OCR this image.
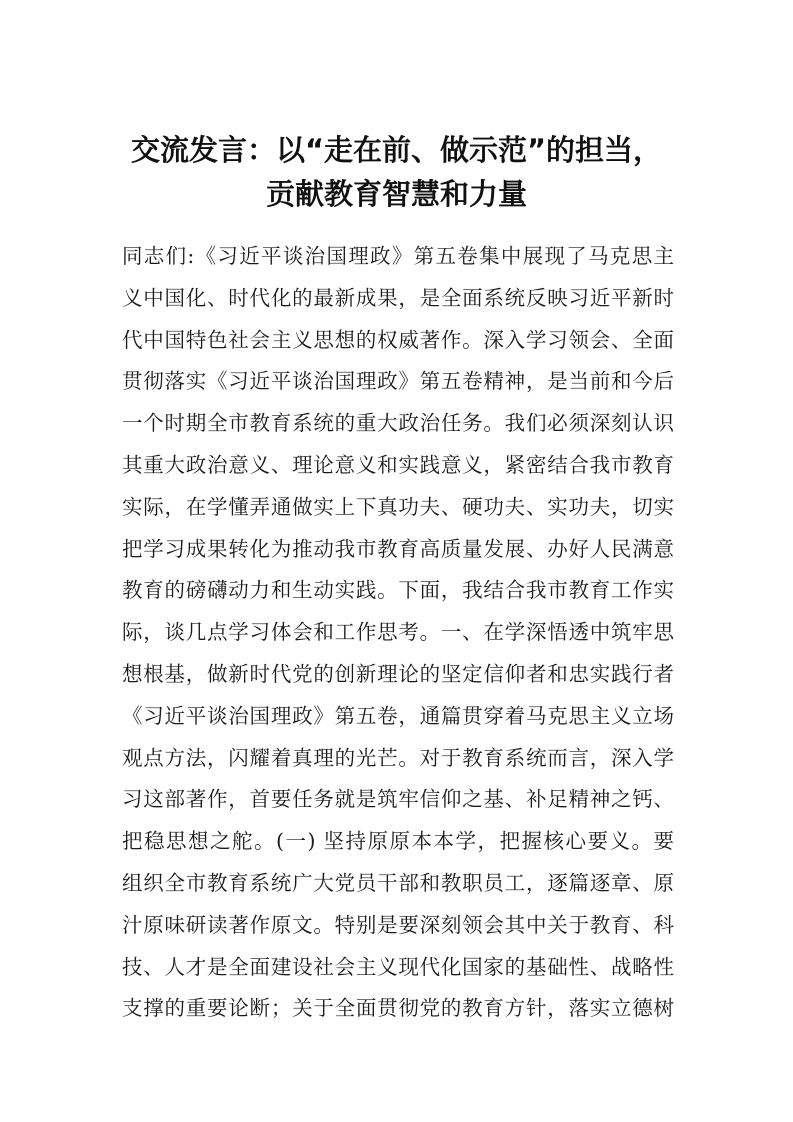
交流发言：以“走在前、做示范”的担当，
贡献教育智慧和力量
同志们:《习近平谈治国理政》第五卷集中展现了马克思主
义中国化、时代化的最新成果，是全面系统反映习近平新时
代中国特色社会主义思想的权威著作。深入学习领会、全面
贯彻落实《习近平谈治国理政》第五卷精神，是当前和今后
一个时期全市教育系统的重大政治任务。我们必须深刻认识
其重大政治意义、理论意义和实践意义，紧密结合我市教育
实际，在学懂弄通做实上下真功夫、硬功夫、实功夫，切实
把学习成果转化为推动我市教育高质量发展、办好人民满意
教育的磅礴动力和生动实践。下面，我结合我市教育工作实
际，谈几点学习体会和工作思考。一、在学深悟透中筑牢思
想根基，做新时代党的创新理论的坚定信仰者和忠实践行者
《习近平谈治国理政》第五卷，通篇贯穿着马克思主义立场
观点方法，闪耀着真理的光芒。对于教育系统而言，深入学
习这部著作，首要任务就是筑牢信仰之基、补足精神之钙、
把稳思想之舵。(一) 坚持原原本本学，把握核心要义。要
组织全市教育系统广大党员干部和教职员工，逐篇逐章、原
汁原味研读著作原文。特别是要深刻领会其中关于教育、科
技、人才是全面建设社会主义现代化国家的基础性、战略性
支撑的重要论断；关于全面贯彻党的教育方针，落实立德树
